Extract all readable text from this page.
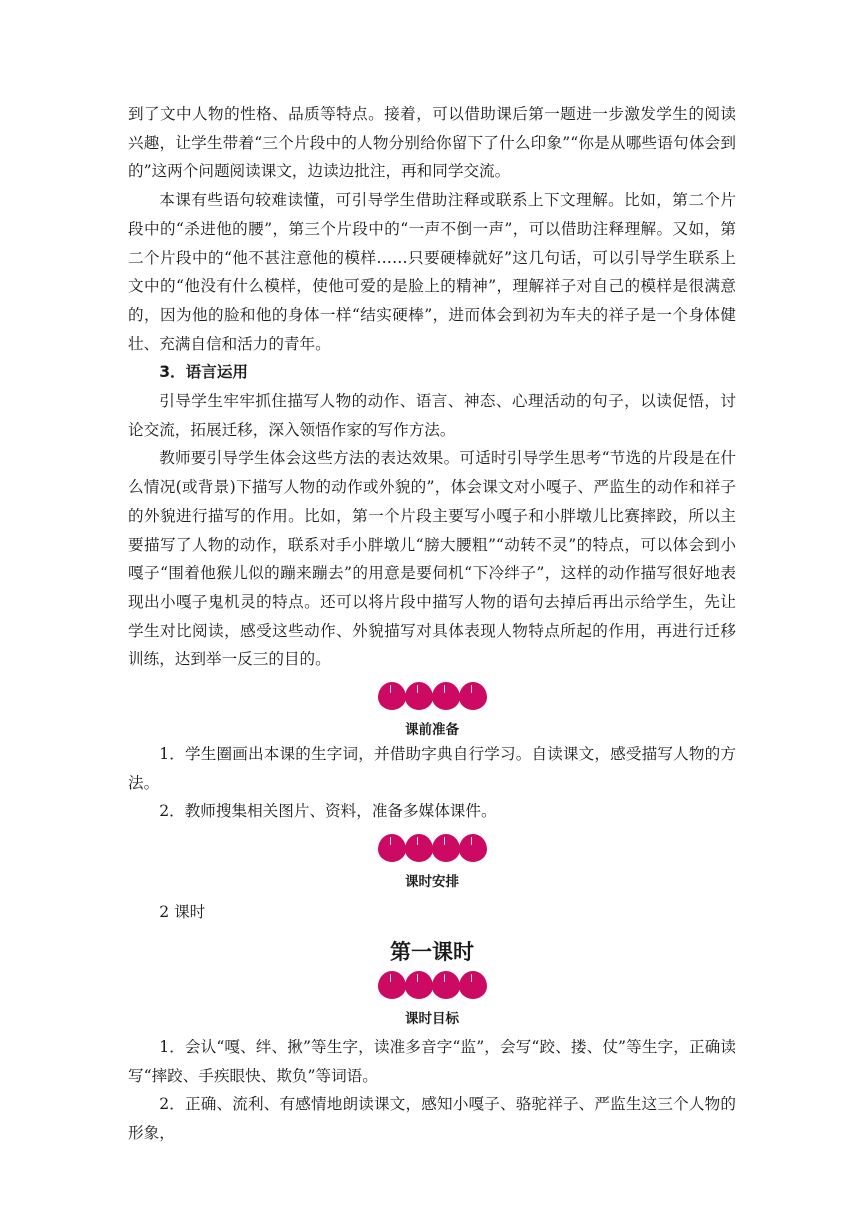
到了文中人物的性格、品质等特点。接着，可以借助课后第一题进一步激发学生的阅读兴趣，让学生带着“三个片段中的人物分别给你留下了什么印象”“你是从哪些语句体会到的”这两个问题阅读课文，边读边批注，再和同学交流。

本课有些语句较难读懂，可引导学生借助注释或联系上下文理解。比如，第二个片段中的“杀进他的腰”，第三个片段中的“一声不倒一声”，可以借助注释理解。又如，第二个片段中的“他不甚注意他的模样……只要硬棒就好”这几句话，可以引导学生联系上文中的“他没有什么模样，使他可爱的是脸上的精神”，理解祥子对自己的模样是很满意的，因为他的脸和他的身体一样“结实硬棒”，进而体会到初为车夫的祥子是一个身体健壮、充满自信和活力的青年。

3．语言运用

引导学生牢牢抓住描写人物的动作、语言、神态、心理活动的句子，以读促悟，讨论交流，拓展迁移，深入领悟作家的写作方法。

教师要引导学生体会这些方法的表达效果。可适时引导学生思考“节选的片段是在什么情况(或背景)下描写人物的动作或外貌的”，体会课文对小嘎子、严监生的动作和祥子的外貌进行描写的作用。比如，第一个片段主要写小嘎子和小胖墩儿比赛摔跤，所以主要描写了人物的动作，联系对手小胖墩儿“膀大腰粗”“动转不灵”的特点，可以体会到小嘎子“围着他猴儿似的蹦来蹦去”的用意是要伺机“下冷绊子”，这样的动作描写很好地表现出小嘎子鬼机灵的特点。还可以将片段中描写人物的语句去掉后再出示给学生，先让学生对比阅读，感受这些动作、外貌描写对具体表现人物特点所起的作用，再进行迁移训练，达到举一反三的目的。

课前准备

1．学生圈画出本课的生字词，并借助字典自行学习。自读课文，感受描写人物的方法。

2．教师搜集相关图片、资料，准备多媒体课件。

课时安排

2 课时

第一课时
课时目标

1．会认“嘎、绊、揪”等生字，读准多音字“监”，会写“跤、搂、仗”等生字，正确读写“摔跤、手疾眼快、欺负”等词语。

2．正确、流利、有感情地朗读课文，感知小嘎子、骆驼祥子、严监生这三个人物的形象，
